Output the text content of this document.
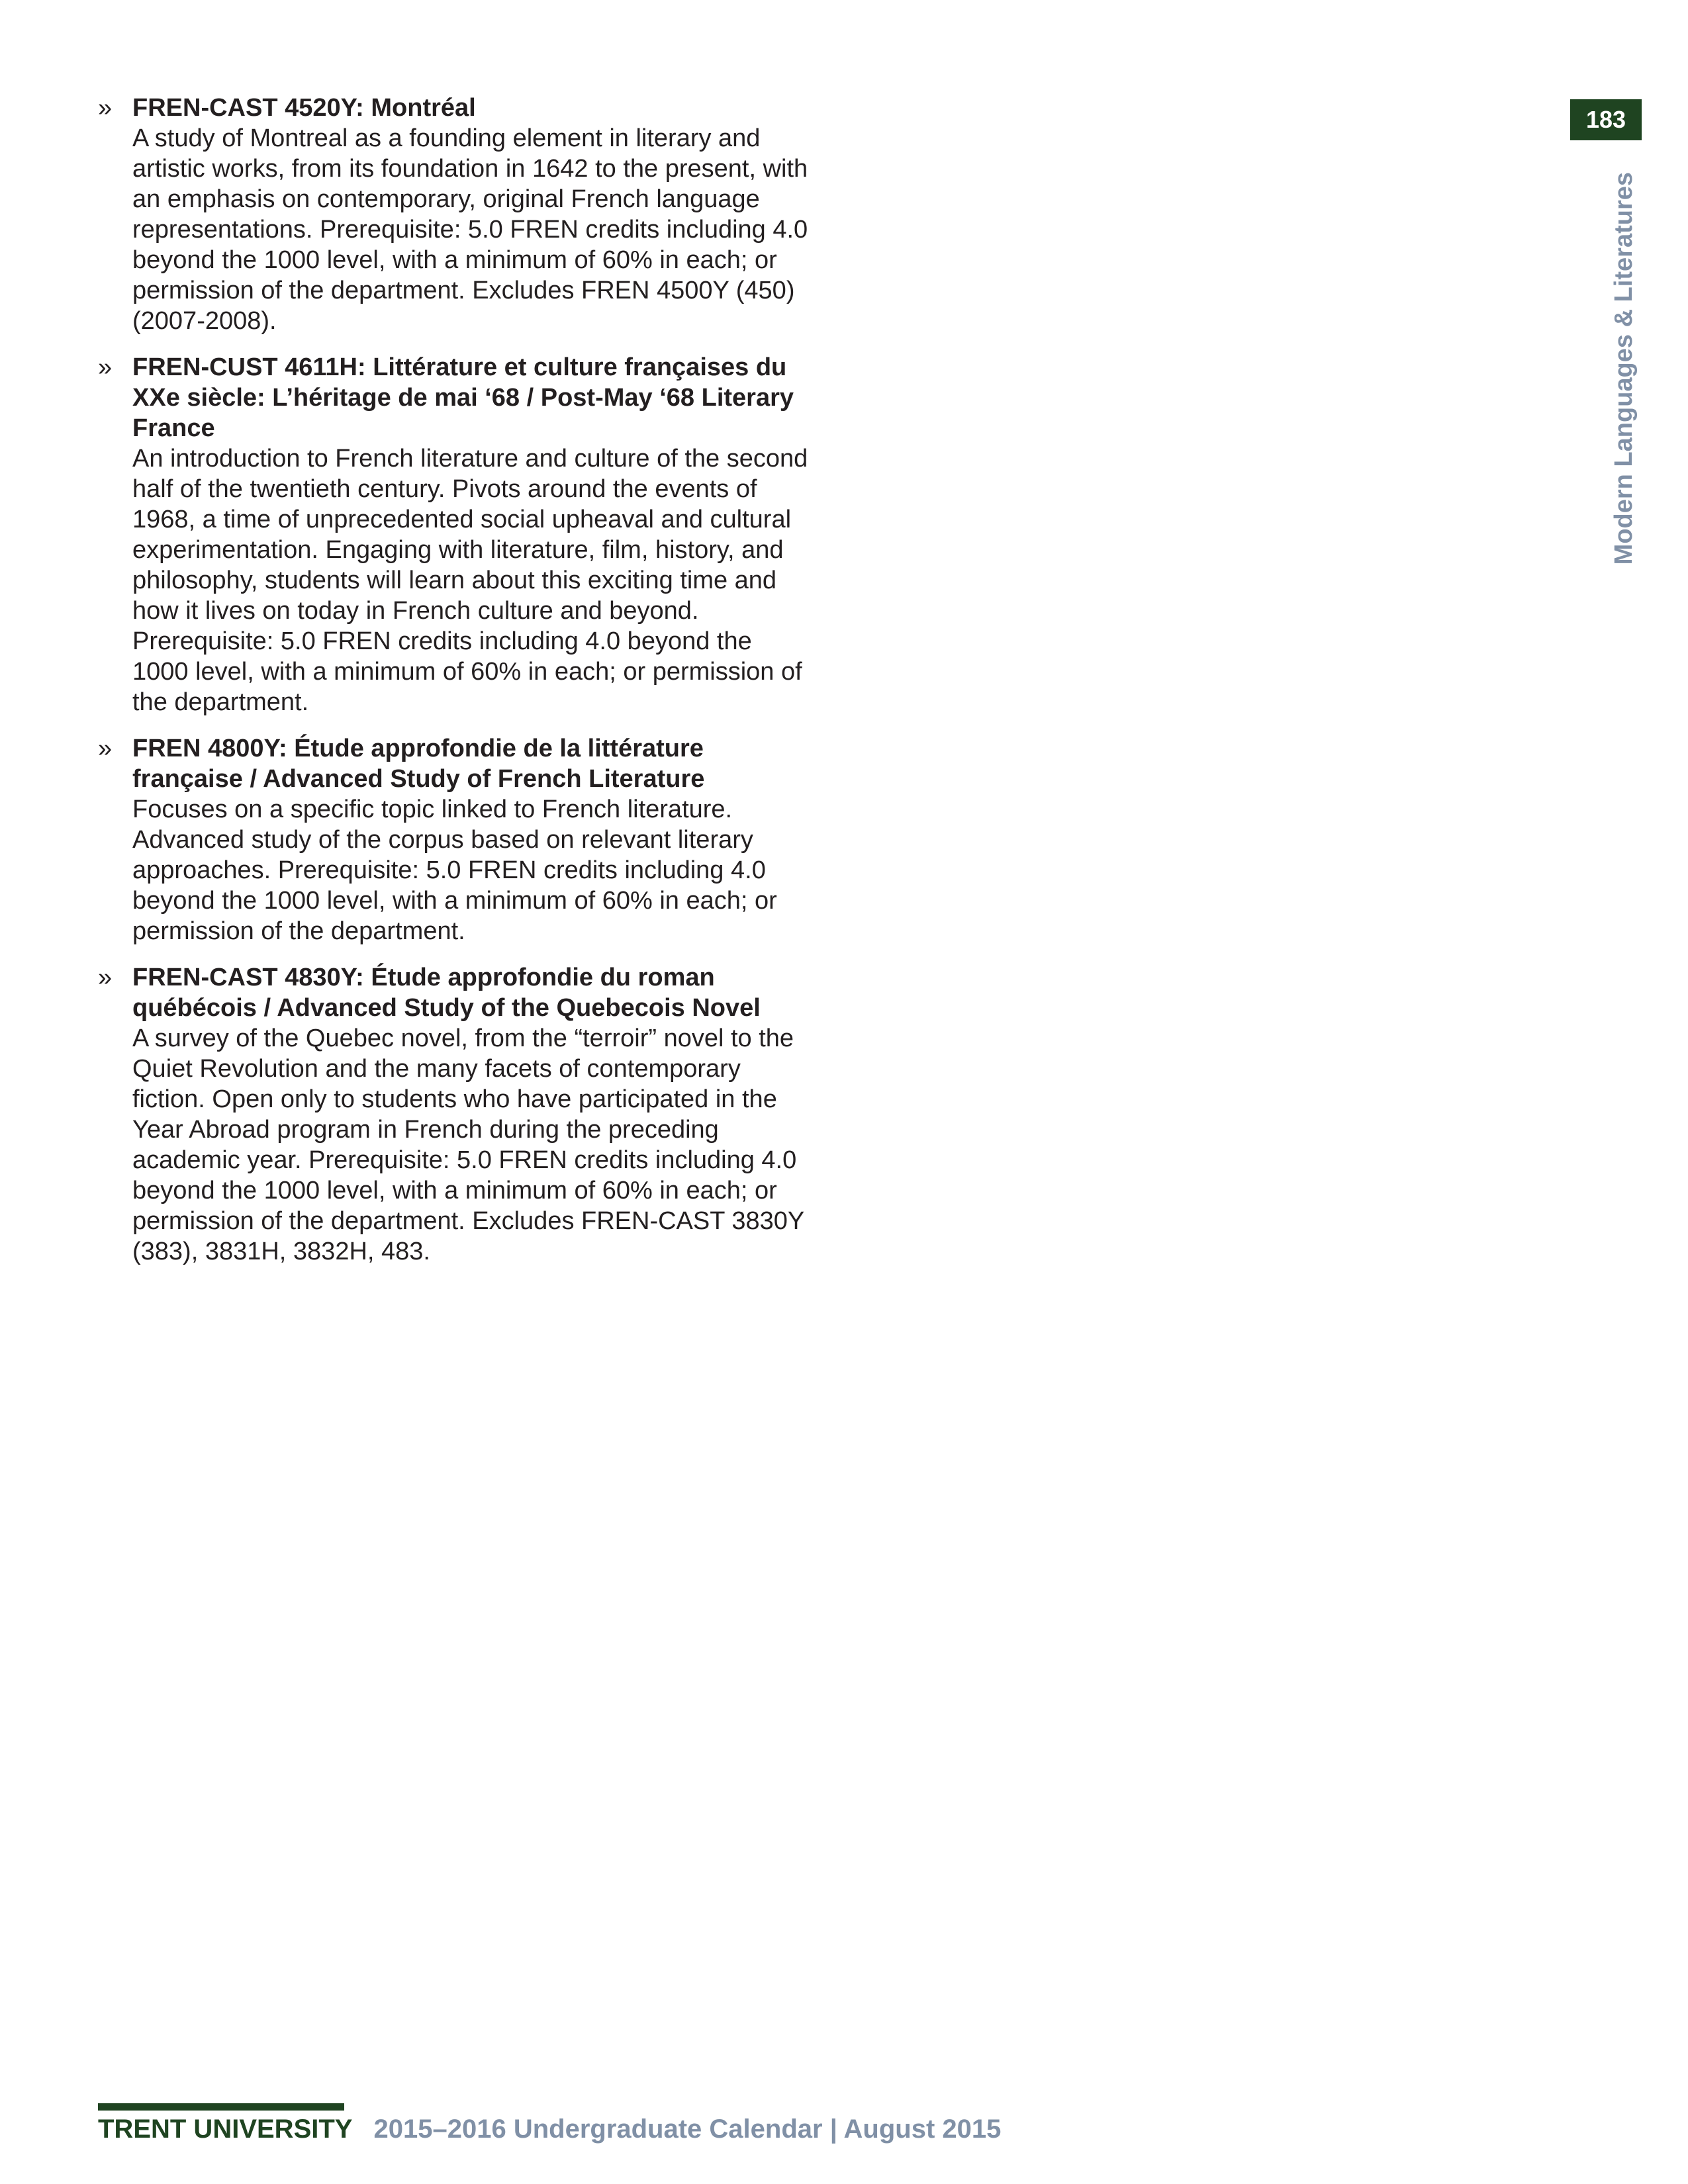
» FREN-CAST 4520Y: Montréal

A study of Montreal as a founding element in literary and artistic works, from its foundation in 1642 to the present, with an emphasis on contemporary, original French language representations. Prerequisite: 5.0 FREN credits including 4.0 beyond the 1000 level, with a minimum of 60% in each; or permission of the department. Excludes FREN 4500Y (450) (2007-2008).

» FREN-CUST 4611H: Littérature et culture françaises du XXe siècle: L’héritage de mai ‘68 / Post-May ‘68 Literary France

An introduction to French literature and culture of the second half of the twentieth century. Pivots around the events of 1968, a time of unprecedented social upheaval and cultural experimentation. Engaging with literature, film, history, and philosophy, students will learn about this exciting time and how it lives on today in French culture and beyond. Prerequisite: 5.0 FREN credits including 4.0 beyond the 1000 level, with a minimum of 60% in each; or permission of the department.

» FREN 4800Y: Étude approfondie de la littérature française / Advanced Study of French Literature

Focuses on a specific topic linked to French literature. Advanced study of the corpus based on relevant literary approaches. Prerequisite: 5.0 FREN credits including 4.0 beyond the 1000 level, with a minimum of 60% in each; or permission of the department.

» FREN-CAST 4830Y: Étude approfondie du roman québécois / Advanced Study of the Quebecois Novel

A survey of the Quebec novel, from the “terroir” novel to the Quiet Revolution and the many facets of contemporary fiction. Open only to students who have participated in the Year Abroad program in French during the preceding academic year. Prerequisite: 5.0 FREN credits including 4.0 beyond the 1000 level, with a minimum of 60% in each; or permission of the department. Excludes FREN-CAST 3830Y (383), 3831H, 3832H, 483.

183
Modern Languages & Literatures
TRENT UNIVERSITY 2015–2016 Undergraduate Calendar | August 2015
